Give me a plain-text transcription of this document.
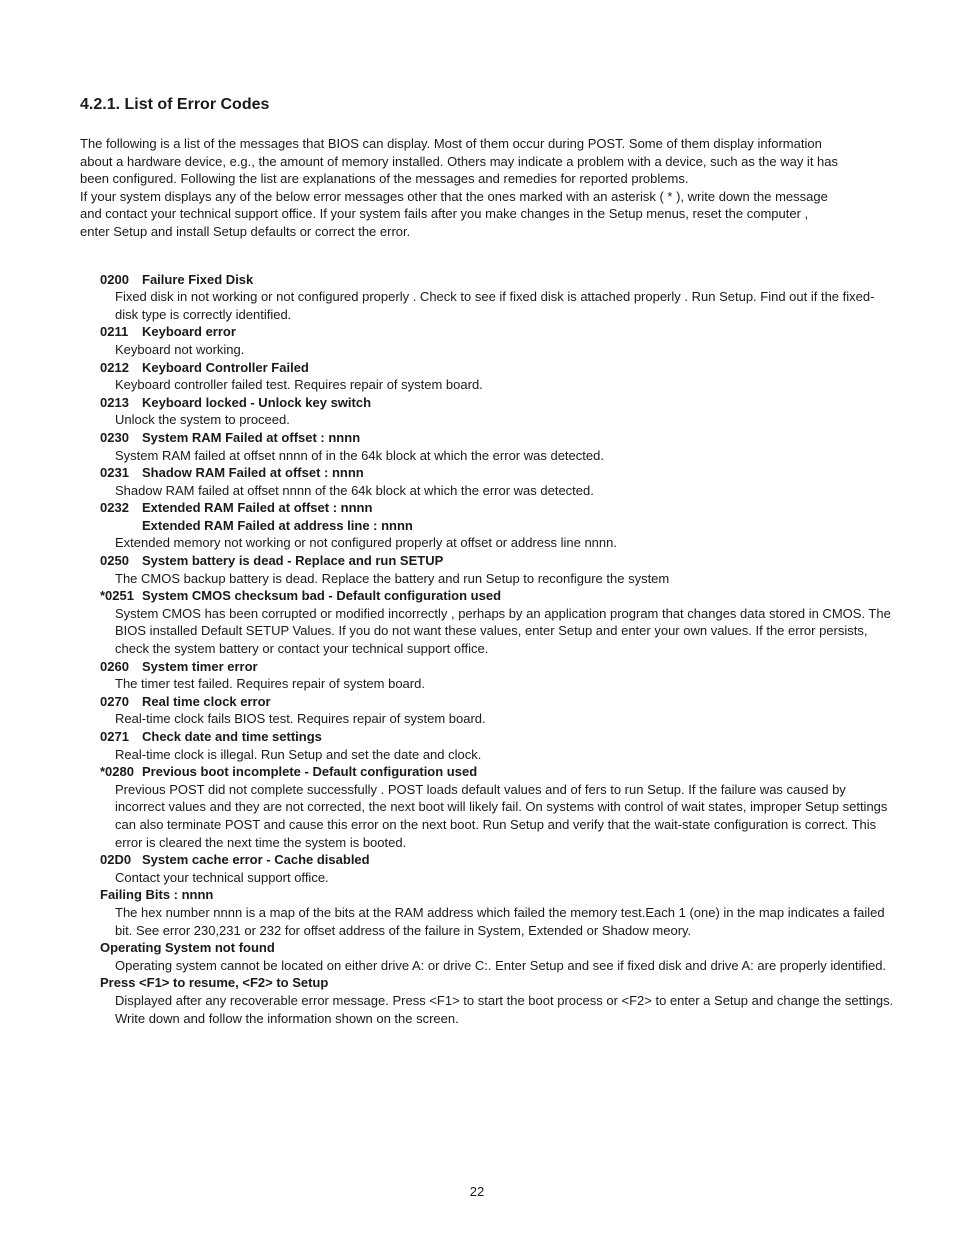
4.2.1. List of Error Codes

The following is a list of the messages that BIOS can display. Most of them occur during POST. Some of them display information about a hardware device, e.g., the amount of memory installed. Others may indicate a problem with a device, such as the way it has been configured. Following the list are explanations of the messages and remedies for reported problems.

If your system displays any of the below error messages other that the ones marked with an asterisk ( * ), write down the message and contact your technical support office. If your system fails after you make changes in the Setup menus, reset the computer , enter Setup and install Setup defaults or correct the error.

0200 Failure Fixed Disk
Fixed disk in not working or not configured properly . Check to see if fixed disk is attached properly . Run Setup. Find out if the fixed-disk type is correctly identified.
0211 Keyboard error
Keyboard not working.
0212 Keyboard Controller Failed
Keyboard controller failed test. Requires repair of system board.
0213 Keyboard locked - Unlock key switch
Unlock the system to proceed.
0230 System RAM Failed at offset : nnnn
System RAM failed at offset nnnn of in the 64k block at which the error was detected.
0231 Shadow RAM Failed at offset : nnnn
Shadow RAM failed at offset nnnn of the 64k block at which the error was detected.
0232 Extended RAM Failed at offset : nnnn
Extended RAM Failed at address line : nnnn
Extended memory not working or not configured properly at offset or address line nnnn.
0250 System battery is dead - Replace and run SETUP
The CMOS backup battery is dead. Replace the battery and run Setup to reconfigure the system
*0251 System CMOS checksum bad - Default configuration used
System CMOS has been corrupted or modified incorrectly , perhaps by an application program that changes data stored in CMOS. The BIOS installed Default SETUP Values. If you do not want these values, enter Setup and enter your own values. If the error persists, check the system battery or contact your technical support office.
0260 System timer error
The timer test failed. Requires repair of system board.
0270 Real time clock error
Real-time clock fails BIOS test. Requires repair of system board.
0271 Check date and time settings
Real-time clock is illegal. Run Setup and set the date and clock.
*0280 Previous boot incomplete - Default configuration used
Previous POST did not complete successfully . POST loads default values and of fers to run Setup. If the failure was caused by incorrect values and they are not corrected, the next boot will likely fail. On systems with control of wait states, improper Setup settings can also terminate POST and cause this error on the next boot. Run Setup and verify that the wait-state configuration is correct. This error is cleared the next time the system is booted.
02D0 System cache error - Cache disabled
Contact your technical support office.
Failing Bits : nnnn
The hex number nnnn is a map of the bits at the RAM address which failed the memory test.Each 1 (one) in the map indicates a failed bit. See error 230,231 or 232 for offset address of the failure in System, Extended or Shadow meory.
Operating System not found
Operating system cannot be located on either drive A: or drive C:. Enter Setup and see if fixed disk and drive A: are properly identified.
Press <F1> to resume, <F2> to Setup
Displayed after any recoverable error message. Press <F1> to start the boot process or <F2> to enter a Setup and change the settings. Write down and follow the information shown on the screen.
22
